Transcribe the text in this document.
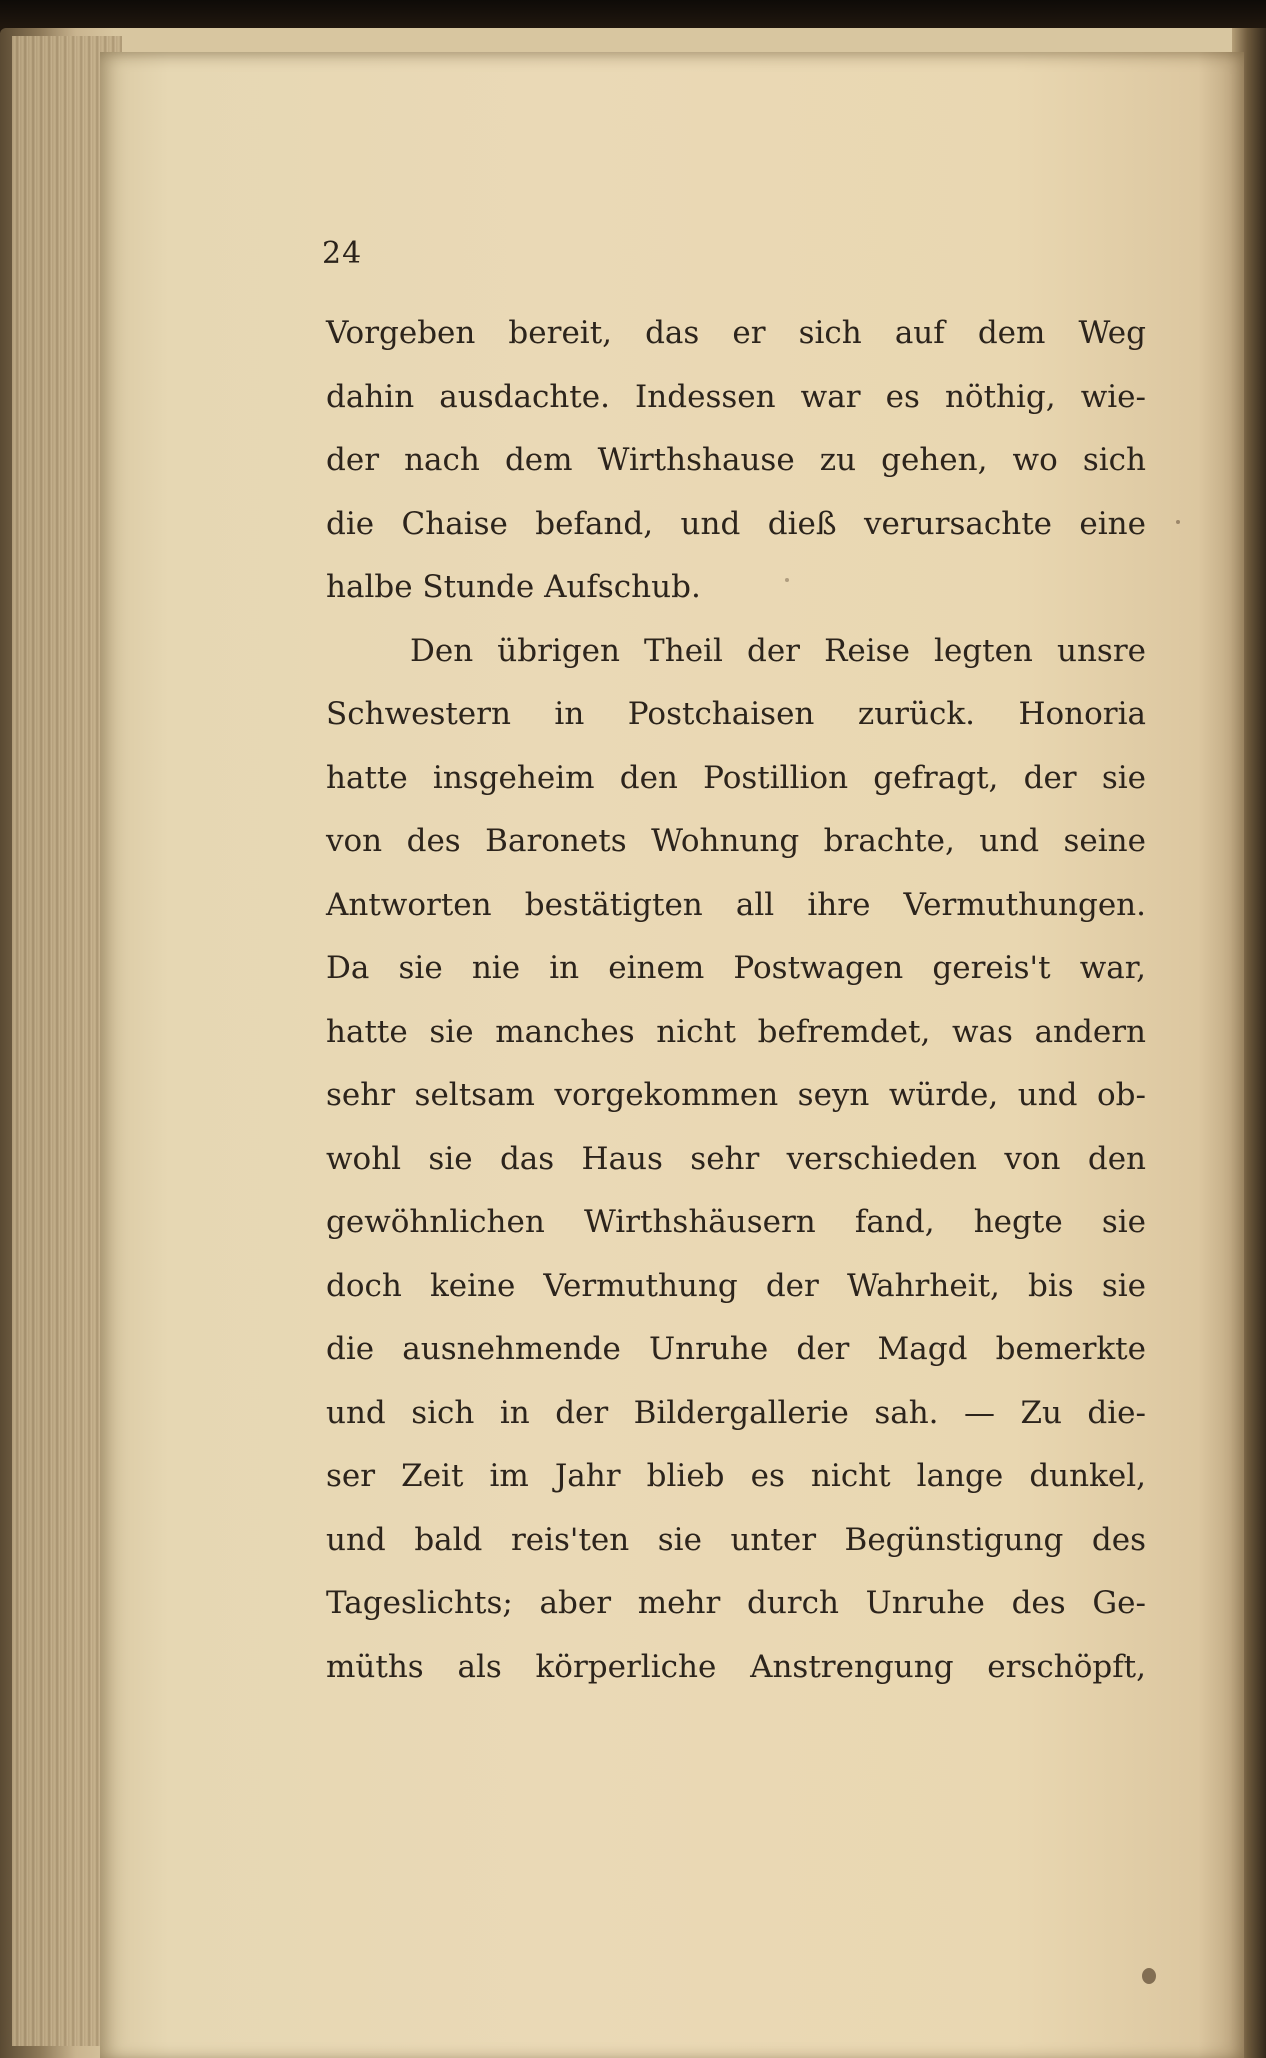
24
Vorgeben bereit, das er sich auf dem Weg
dahin ausdachte. Indessen war es nöthig, wie-
der nach dem Wirthshause zu gehen, wo sich
die Chaise befand, und dieß verursachte eine
halbe Stunde Aufschub.
Den übrigen Theil der Reise legten unsre
Schwestern in Postchaisen zurück. Honoria
hatte insgeheim den Postillion gefragt, der sie
von des Baronets Wohnung brachte, und seine
Antworten bestätigten all ihre Vermuthungen.
Da sie nie in einem Postwagen gereis't war,
hatte sie manches nicht befremdet, was andern
sehr seltsam vorgekommen seyn würde, und ob-
wohl sie das Haus sehr verschieden von den
gewöhnlichen Wirthshäusern fand, hegte sie
doch keine Vermuthung der Wahrheit, bis sie
die ausnehmende Unruhe der Magd bemerkte
und sich in der Bildergallerie sah. — Zu die-
ser Zeit im Jahr blieb es nicht lange dunkel,
und bald reis'ten sie unter Begünstigung des
Tageslichts; aber mehr durch Unruhe des Ge-
müths als körperliche Anstrengung erschöpft,
